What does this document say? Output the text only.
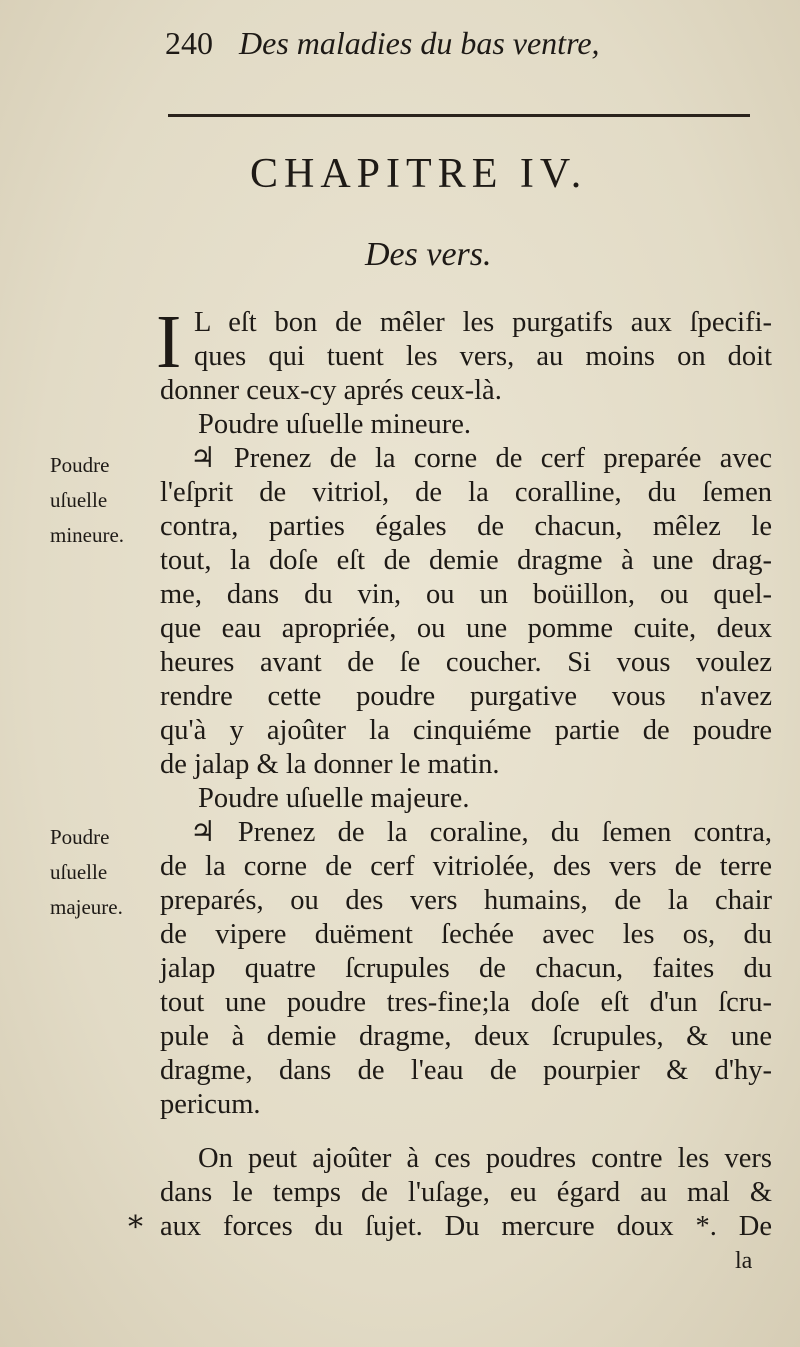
240 Des maladies du bas ventre,
CHAPITRE IV.
Des vers.
I L eſt bon de mêler les purgatifs aux ſpecifi-
ques qui tuent les vers, au moins on doit
donner ceux-cy aprés ceux-là.
Poudre uſuelle mineure.
♃ Prenez de la corne de cerf preparée avec
l'eſprit de vitriol, de la coralline, du ſemen
contra, parties égales de chacun, mêlez le
tout, la doſe eſt de demie dragme à une drag-
me, dans du vin, ou un boüillon, ou quel-
que eau apropriée, ou une pomme cuite, deux
heures avant de ſe coucher. Si vous voulez
rendre cette poudre purgative vous n'avez
qu'à y ajoûter la cinquiéme partie de poudre
de jalap & la donner le matin.
Poudre uſuelle majeure.
♃ Prenez de la coraline, du ſemen contra,
de la corne de cerf vitriolée, des vers de terre
preparés, ou des vers humains, de la chair
de vipere duëment ſechée avec les os, du
jalap quatre ſcrupules de chacun, faites du
tout une poudre tres-fine;la doſe eſt d'un ſcru-
pule à demie dragme, deux ſcrupules, & une
dragme, dans de l'eau de pourpier & d'hy-
pericum.
On peut ajoûter à ces poudres contre les vers
dans le temps de l'uſage, eu égard au mal &
aux forces du ſujet. Du mercure doux *. De
Poudre
uſuelle
mineure.
Poudre
uſuelle
majeure.
*
la
